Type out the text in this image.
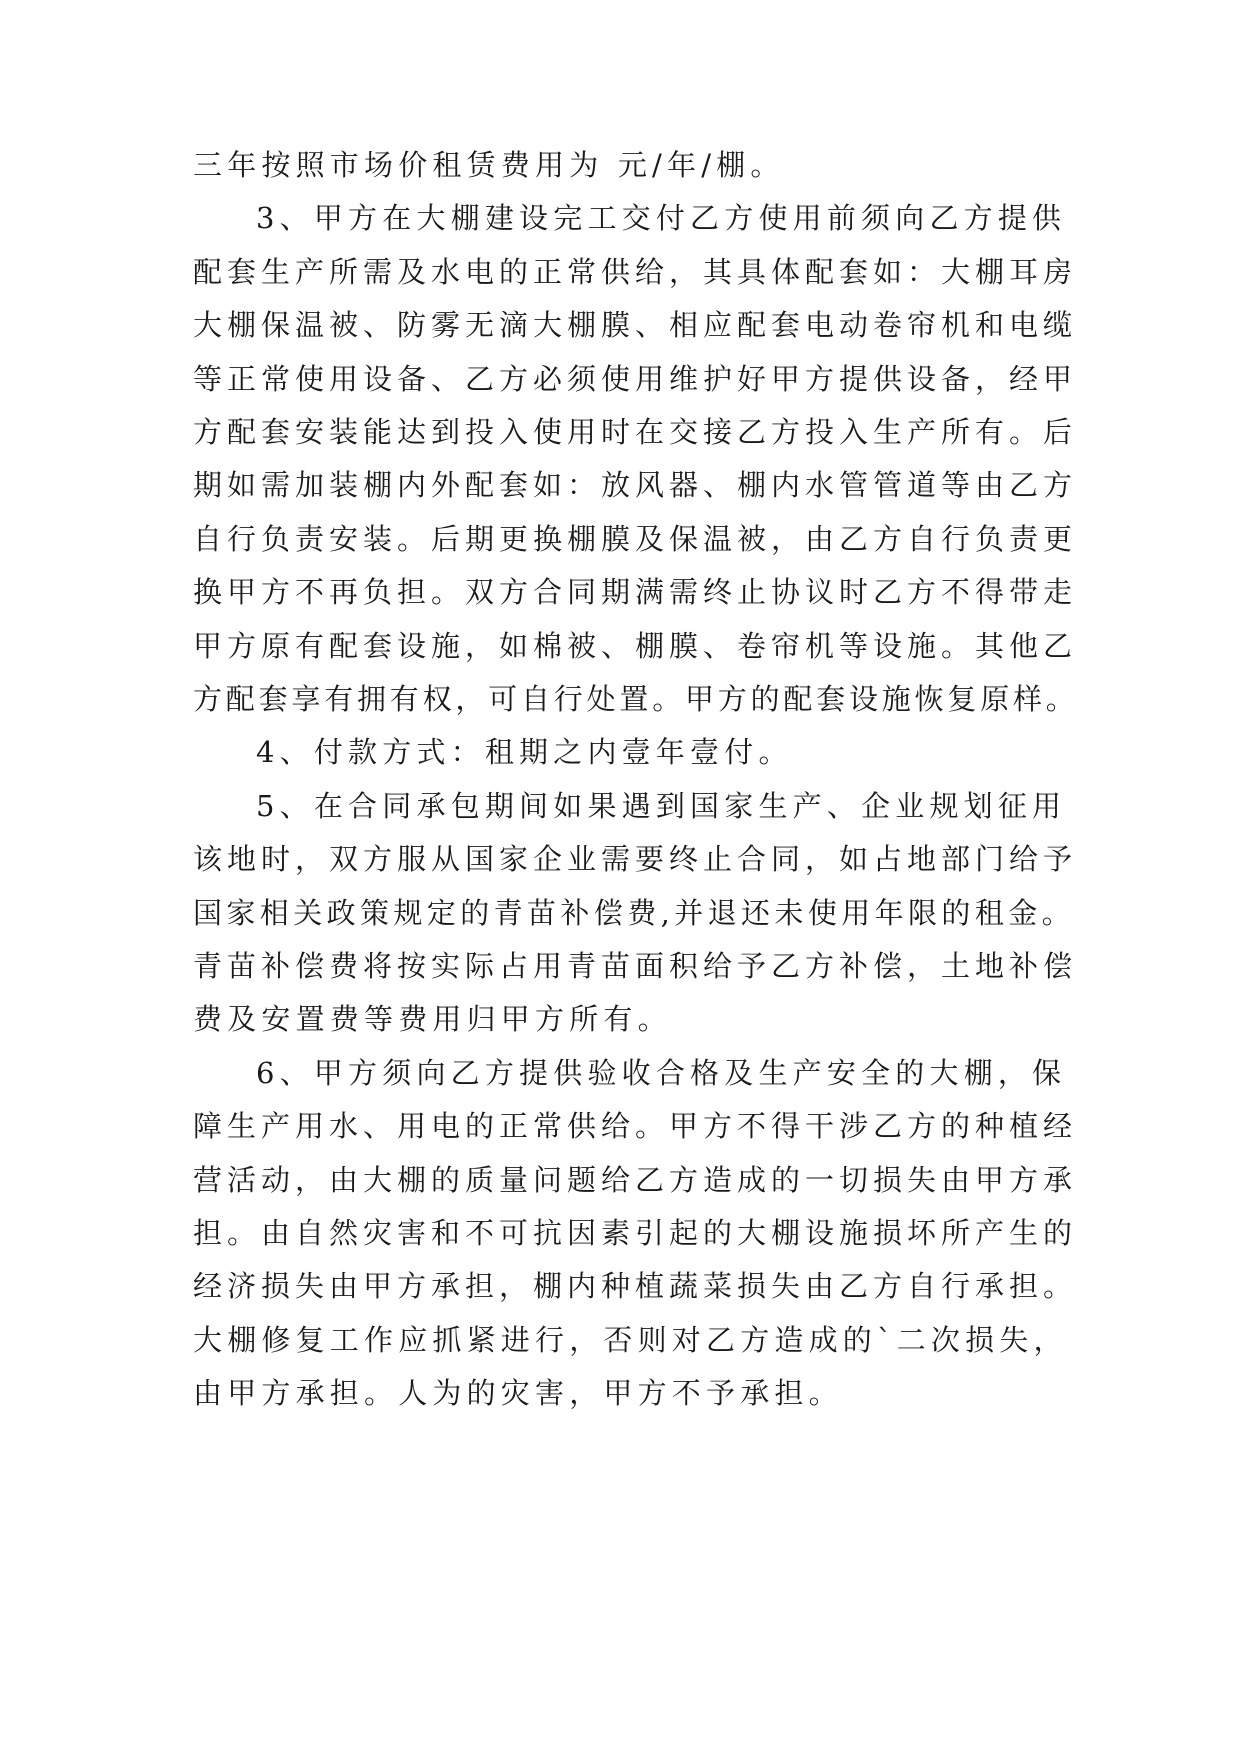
三年按照市场价租赁费用为 元/年/棚。

3、甲方在大棚建设完工交付乙方使用前须向乙方提供

配套生产所需及水电的正常供给，其具体配套如：大棚耳房

大棚保温被、防雾无滴大棚膜、相应配套电动卷帘机和电缆

等正常使用设备、乙方必须使用维护好甲方提供设备，经甲

方配套安装能达到投入使用时在交接乙方投入生产所有。后

期如需加装棚内外配套如：放风器、棚内水管管道等由乙方

自行负责安装。后期更换棚膜及保温被，由乙方自行负责更

换甲方不再负担。双方合同期满需终止协议时乙方不得带走

甲方原有配套设施，如棉被、棚膜、卷帘机等设施。其他乙

方配套享有拥有权，可自行处置。甲方的配套设施恢复原样。

4、付款方式：租期之内壹年壹付。

5、在合同承包期间如果遇到国家生产、企业规划征用

该地时，双方服从国家企业需要终止合同，如占地部门给予

国家相关政策规定的青苗补偿费,并退还未使用年限的租金。

青苗补偿费将按实际占用青苗面积给予乙方补偿，土地补偿

费及安置费等费用归甲方所有。

6、甲方须向乙方提供验收合格及生产安全的大棚，保

障生产用水、用电的正常供给。甲方不得干涉乙方的种植经

营活动，由大棚的质量问题给乙方造成的一切损失由甲方承

担。由自然灾害和不可抗因素引起的大棚设施损坏所产生的

经济损失由甲方承担，棚内种植蔬菜损失由乙方自行承担。

大棚修复工作应抓紧进行，否则对乙方造成的`二次损失，

由甲方承担。人为的灾害，甲方不予承担。
